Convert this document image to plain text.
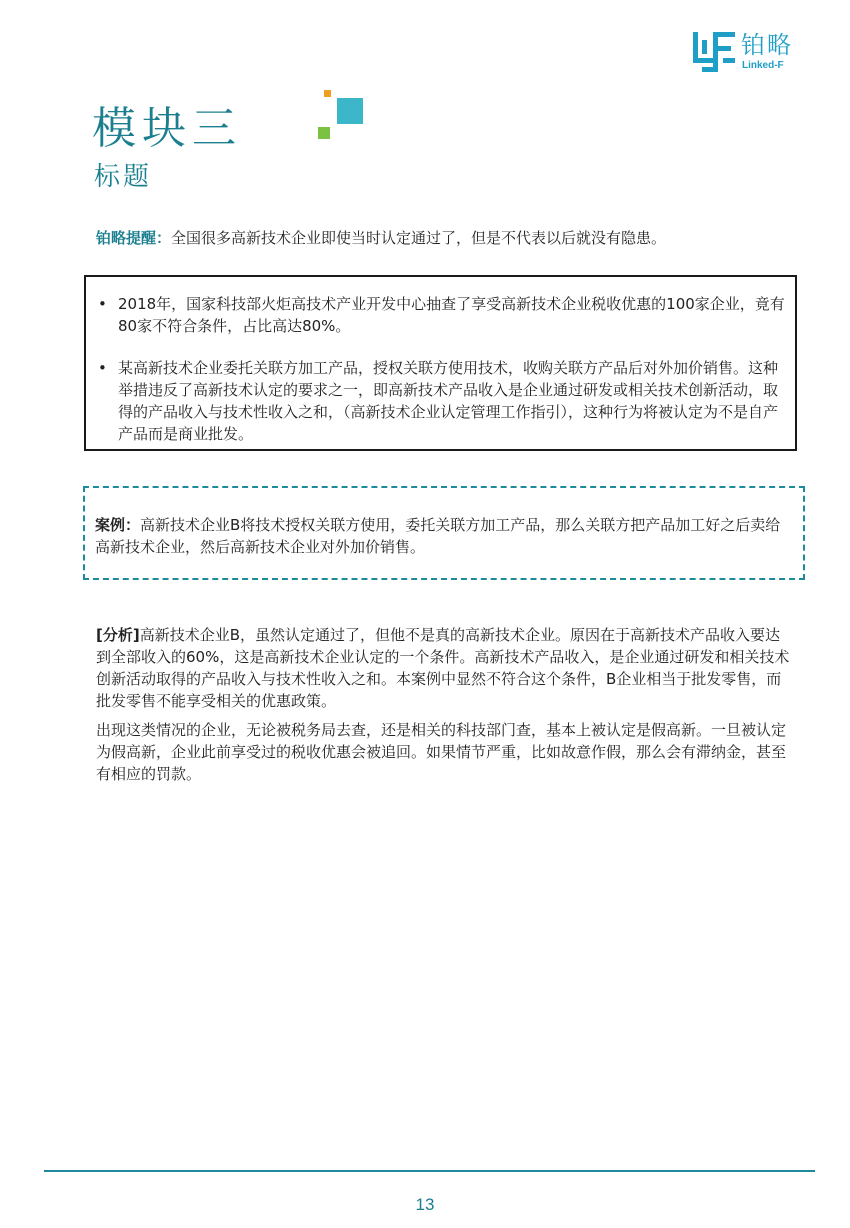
铂略
Linked-F
模块三
标题
铂略提醒：全国很多高新技术企业即使当时认定通过了，但是不代表以后就没有隐患。
• 2018年，国家科技部火炬高技术产业开发中心抽查了享受高新技术企业税收优惠的100家企业，竟有80家不符合条件，占比高达80%。
• 某高新技术企业委托关联方加工产品，授权关联方使用技术，收购关联方产品后对外加价销售。这种举措违反了高新技术认定的要求之一，即高新技术产品收入是企业通过研发或相关技术创新活动，取得的产品收入与技术性收入之和，（高新技术企业认定管理工作指引），这种行为将被认定为不是自产产品而是商业批发。
案例：高新技术企业B将技术授权关联方使用，委托关联方加工产品，那么关联方把产品加工好之后卖给高新技术企业，然后高新技术企业对外加价销售。
[分析]高新技术企业B，虽然认定通过了，但他不是真的高新技术企业。原因在于高新技术产品收入要达到全部收入的60%，这是高新技术企业认定的一个条件。高新技术产品收入，是企业通过研发和相关技术创新活动取得的产品收入与技术性收入之和。本案例中显然不符合这个条件，B企业相当于批发零售，而批发零售不能享受相关的优惠政策。
出现这类情况的企业，无论被税务局去查，还是相关的科技部门查，基本上被认定是假高新。一旦被认定为假高新，企业此前享受过的税收优惠会被追回。如果情节严重，比如故意作假，那么会有滞纳金，甚至有相应的罚款。
13
